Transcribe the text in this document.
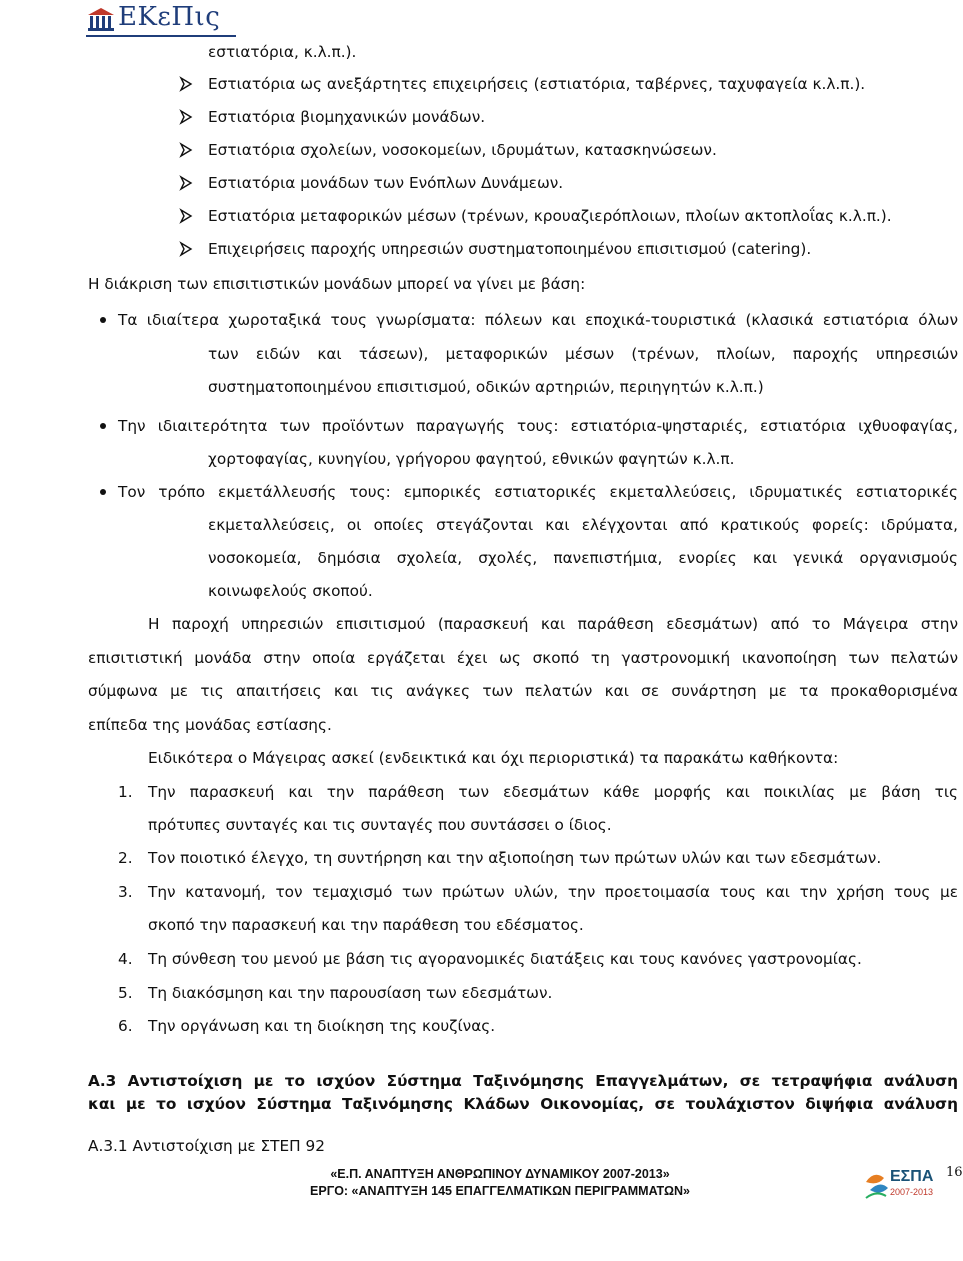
ΕΚεΠις
εστιατόρια, κ.λ.π.).
Εστιατόρια ως ανεξάρτητες επιχειρήσεις (εστιατόρια, ταβέρνες, ταχυφαγεία κ.λ.π.).
Εστιατόρια βιομηχανικών μονάδων.
Εστιατόρια σχολείων, νοσοκομείων, ιδρυμάτων, κατασκηνώσεων.
Εστιατόρια μονάδων των Ενόπλων Δυνάμεων.
Εστιατόρια μεταφορικών μέσων (τρένων, κρουαζιερόπλοιων, πλοίων ακτοπλοΐας κ.λ.π.).
Επιχειρήσεις παροχής υπηρεσιών συστηματοποιημένου επισιτισμού (catering).
Η διάκριση των επισιτιστικών μονάδων μπορεί να γίνει με βάση:
Τα ιδιαίτερα χωροταξικά τους γνωρίσματα: πόλεων και εποχικά-τουριστικά (κλασικά εστιατόρια όλων
των ειδών και τάσεων), μεταφορικών μέσων (τρένων, πλοίων, παροχής υπηρεσιών
συστηματοποιημένου επισιτισμού, οδικών αρτηριών, περιηγητών κ.λ.π.)
Την ιδιαιτερότητα των προϊόντων παραγωγής τους: εστιατόρια-ψησταριές, εστιατόρια ιχθυοφαγίας,
χορτοφαγίας, κυνηγίου, γρήγορου φαγητού, εθνικών φαγητών κ.λ.π.
Τον τρόπο εκμετάλλευσής τους: εμπορικές εστιατορικές εκμεταλλεύσεις, ιδρυματικές εστιατορικές
εκμεταλλεύσεις, οι οποίες στεγάζονται και ελέγχονται από κρατικούς φορείς: ιδρύματα,
νοσοκομεία, δημόσια σχολεία, σχολές, πανεπιστήμια, ενορίες και γενικά οργανισμούς
κοινωφελούς σκοπού.
Η παροχή υπηρεσιών επισιτισμού (παρασκευή και παράθεση εδεσμάτων) από το Μάγειρα στην
επισιτιστική μονάδα στην οποία εργάζεται έχει ως σκοπό τη γαστρονομική ικανοποίηση των πελατών
σύμφωνα με τις απαιτήσεις και τις ανάγκες των πελατών και σε συνάρτηση με τα προκαθορισμένα
επίπεδα της μονάδας εστίασης.
Ειδικότερα ο Μάγειρας ασκεί (ενδεικτικά και όχι περιοριστικά) τα παρακάτω καθήκοντα:
1. Την παρασκευή και την παράθεση των εδεσμάτων κάθε μορφής και ποικιλίας με βάση τις
πρότυπες συνταγές και τις συνταγές που συντάσσει ο ίδιος.
2. Τον ποιοτικό έλεγχο, τη συντήρηση και την αξιοποίηση των πρώτων υλών και των εδεσμάτων.
3. Την κατανομή, τον τεμαχισμό των πρώτων υλών, την προετοιμασία τους και την χρήση τους με
σκοπό την παρασκευή και την παράθεση του εδέσματος.
4. Τη σύνθεση του μενού με βάση τις αγορανομικές διατάξεις και τους κανόνες γαστρονομίας.
5. Τη διακόσμηση και την παρουσίαση των εδεσμάτων.
6. Την οργάνωση και τη διοίκηση της κουζίνας.
Α.3 Αντιστοίχιση με το ισχύον Σύστημα Ταξινόμησης Επαγγελμάτων, σε τετραψήφια ανάλυση
και με το ισχύον Σύστημα Ταξινόμησης Κλάδων Οικονομίας, σε τουλάχιστον διψήφια ανάλυση
Α.3.1 Αντιστοίχιση με ΣΤΕΠ 92
«Ε.Π. ΑΝΑΠΤΥΞΗ ΑΝΘΡΩΠΙΝΟΥ ΔΥΝΑΜΙΚΟΥ 2007-2013»
ΕΡΓΟ: «ΑΝΑΠΤΥΞΗ 145 ΕΠΑΓΓΕΛΜΑΤΙΚΩΝ ΠΕΡΙΓΡΑΜΜΑΤΩΝ»
ΕΣΠΑ
2007-2013
16
